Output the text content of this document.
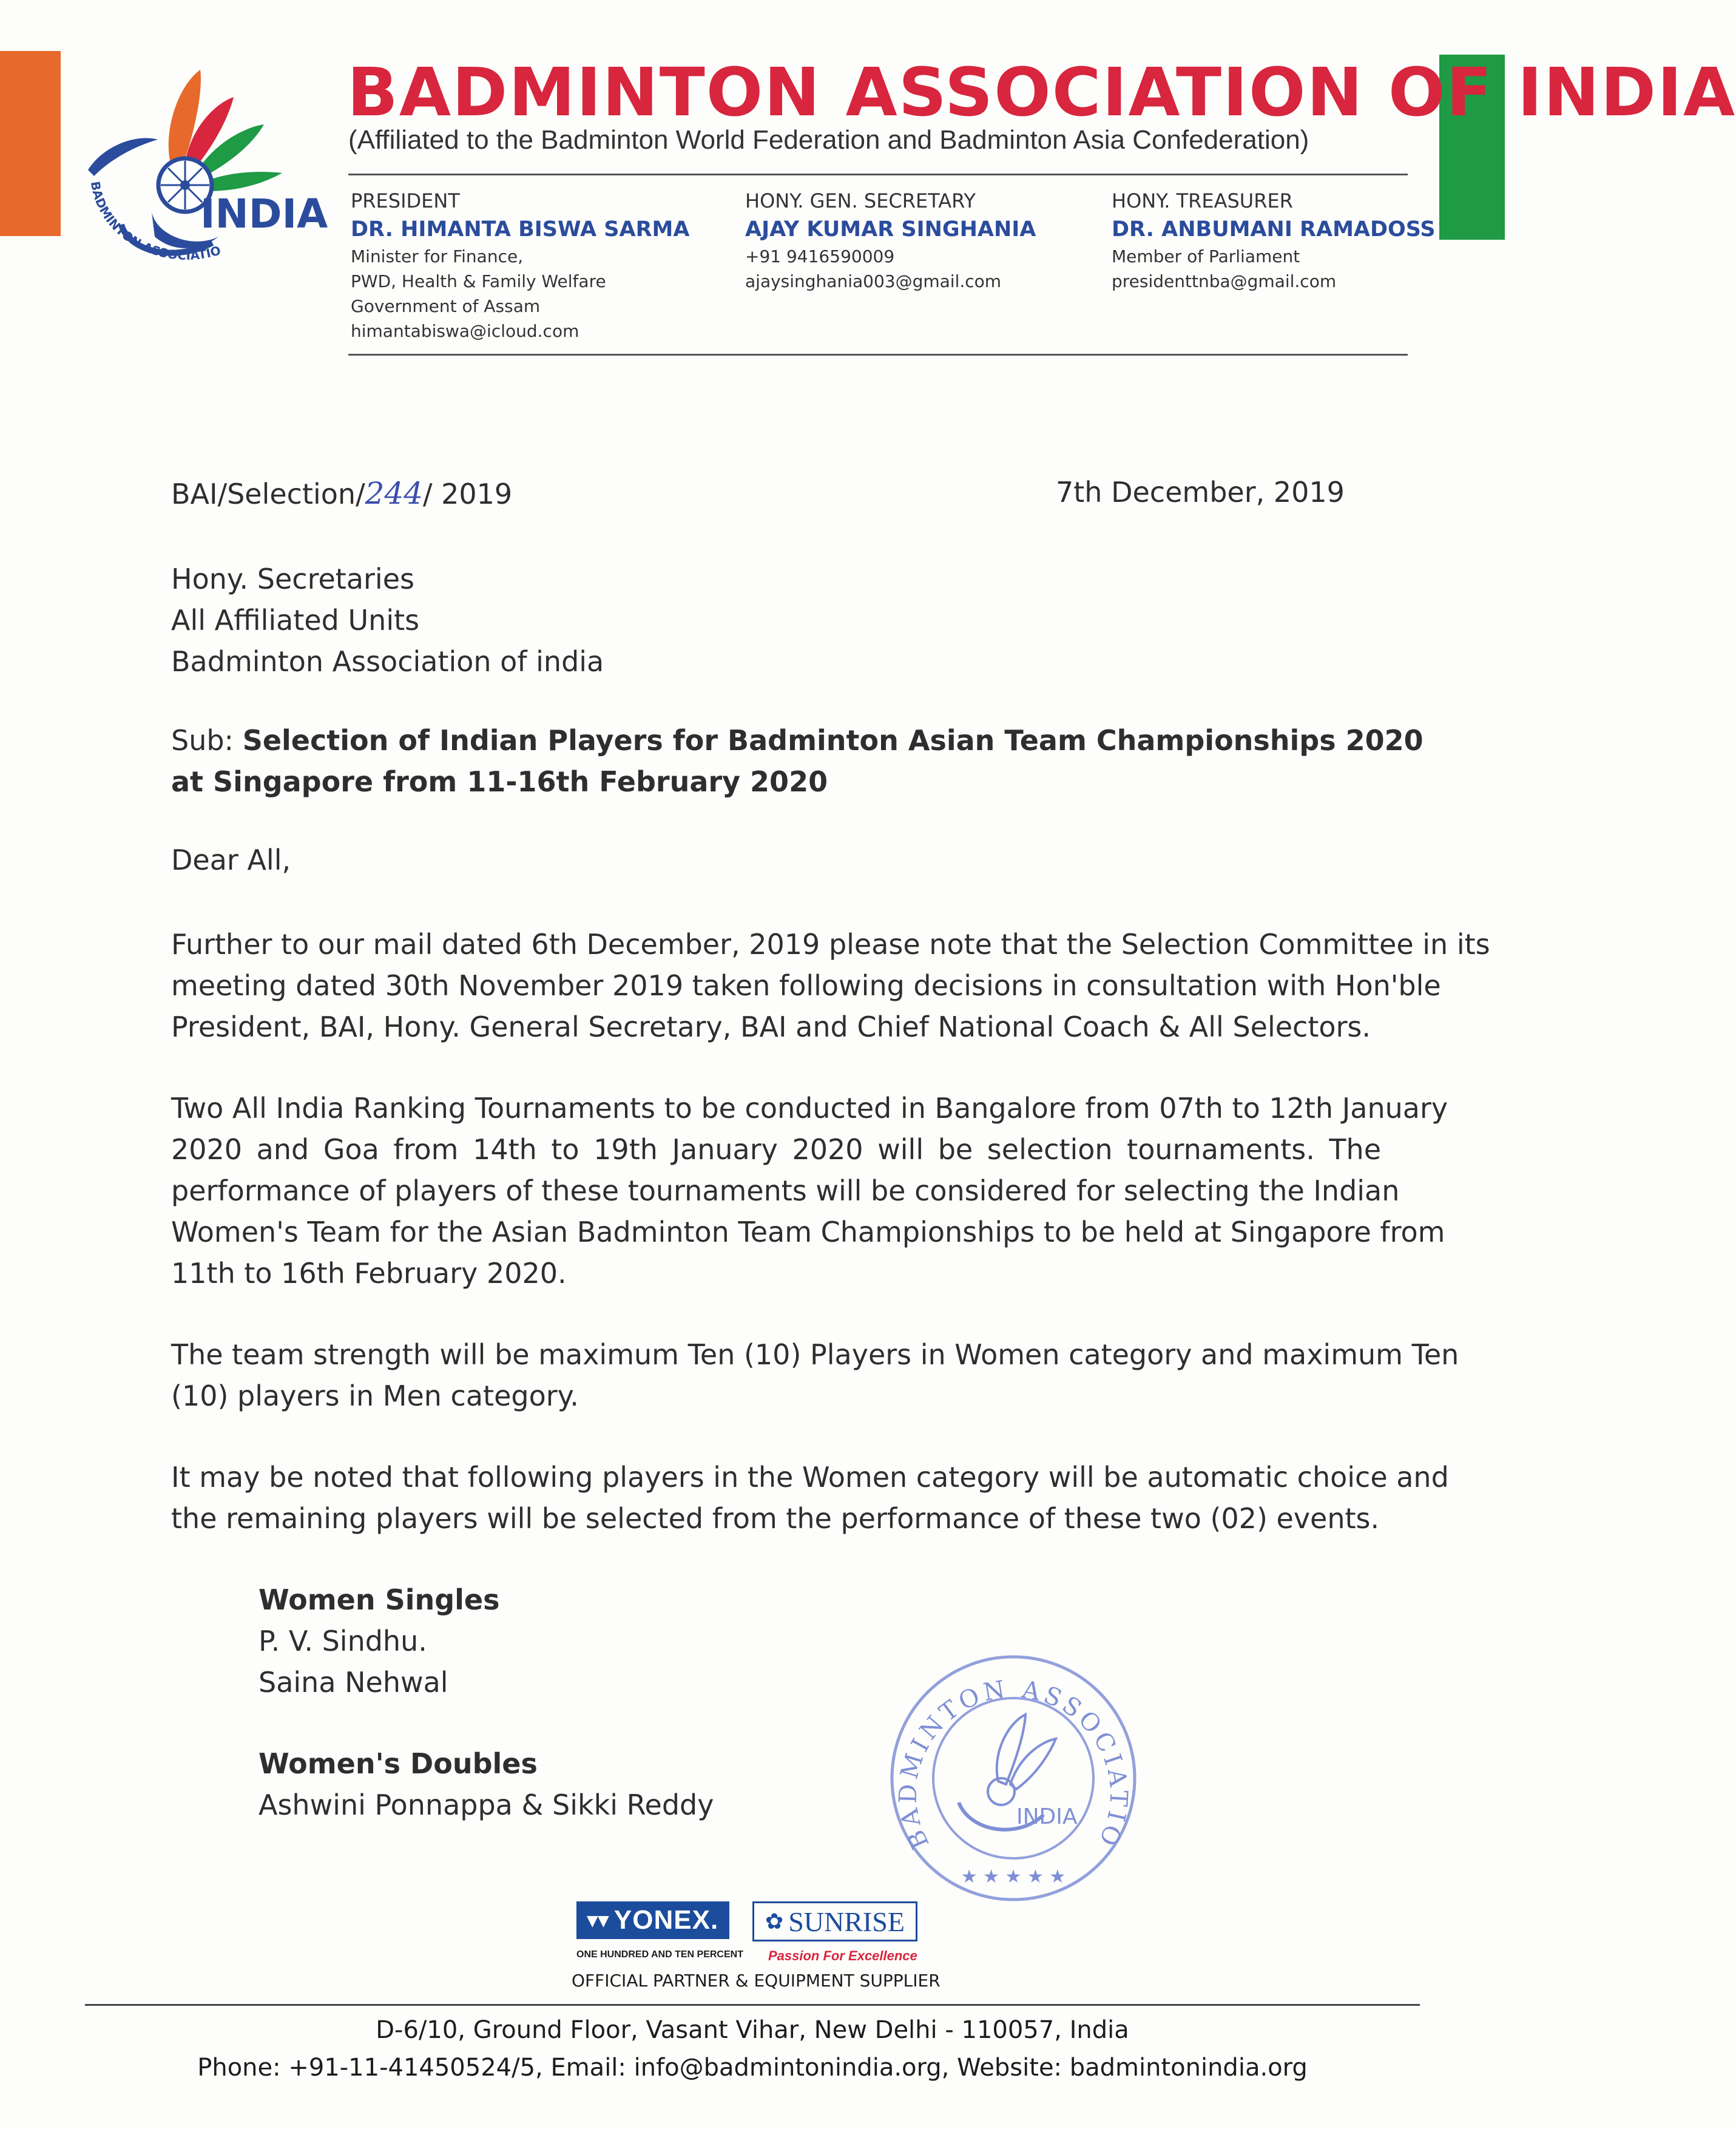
BADMINTON ASSOCIATIO
INDIA
BADMINTON ASSOCIATION OF INDIA
(Affiliated to the Badminton World Federation and Badminton Asia Confederation)
PRESIDENT
DR. HIMANTA BISWA SARMA
Minister for Finance,
PWD, Health & Family Welfare
Government of Assam
himantabiswa@icloud.com
HONY. GEN. SECRETARY
AJAY KUMAR SINGHANIA
+91 9416590009
ajaysinghania003@gmail.com
HONY. TREASURER
DR. ANBUMANI RAMADOSS
Member of Parliament
presidenttnba@gmail.com
BAI/Selection/244/ 2019	7th December, 2019
Hony. Secretaries
All Affiliated Units
Badminton Association of india
Sub: Selection of Indian Players for Badminton Asian Team Championships 2020
at Singapore from 11-16th February 2020
Dear All,
Further to our mail dated 6th December, 2019 please note that the Selection Committee in its
meeting dated 30th November 2019 taken following decisions in consultation with Hon'ble
President, BAI, Hony. General Secretary, BAI and Chief National Coach & All Selectors.
Two All India Ranking Tournaments to be conducted in Bangalore from 07th to 12th January
2020 and Goa from 14th to 19th January 2020 will be selection tournaments. The
performance of players of these tournaments will be considered for selecting the Indian
Women's Team for the Asian Badminton Team Championships to be held at Singapore from
11th to 16th February 2020.
The team strength will be maximum Ten (10) Players in Women category and maximum Ten
(10) players in Men category.
It may be noted that following players in the Women category will be automatic choice and
the remaining players will be selected from the performance of these two (02) events.
Women Singles
P. V. Sindhu.
Saina Nehwal
Women's Doubles
Ashwini Ponnappa & Sikki Reddy
BADMINTON ASSOCIATIO
★ ★ ★ ★ ★
INDIA
▾▾ YONEX.
ONE HUNDRED AND TEN PERCENT
✿ SUNRISE
Passion For Excellence
OFFICIAL PARTNER & EQUIPMENT SUPPLIER
D-6/10, Ground Floor, Vasant Vihar, New Delhi - 110057, India
Phone: +91-11-41450524/5, Email: info@badmintonindia.org, Website: badmintonindia.org
